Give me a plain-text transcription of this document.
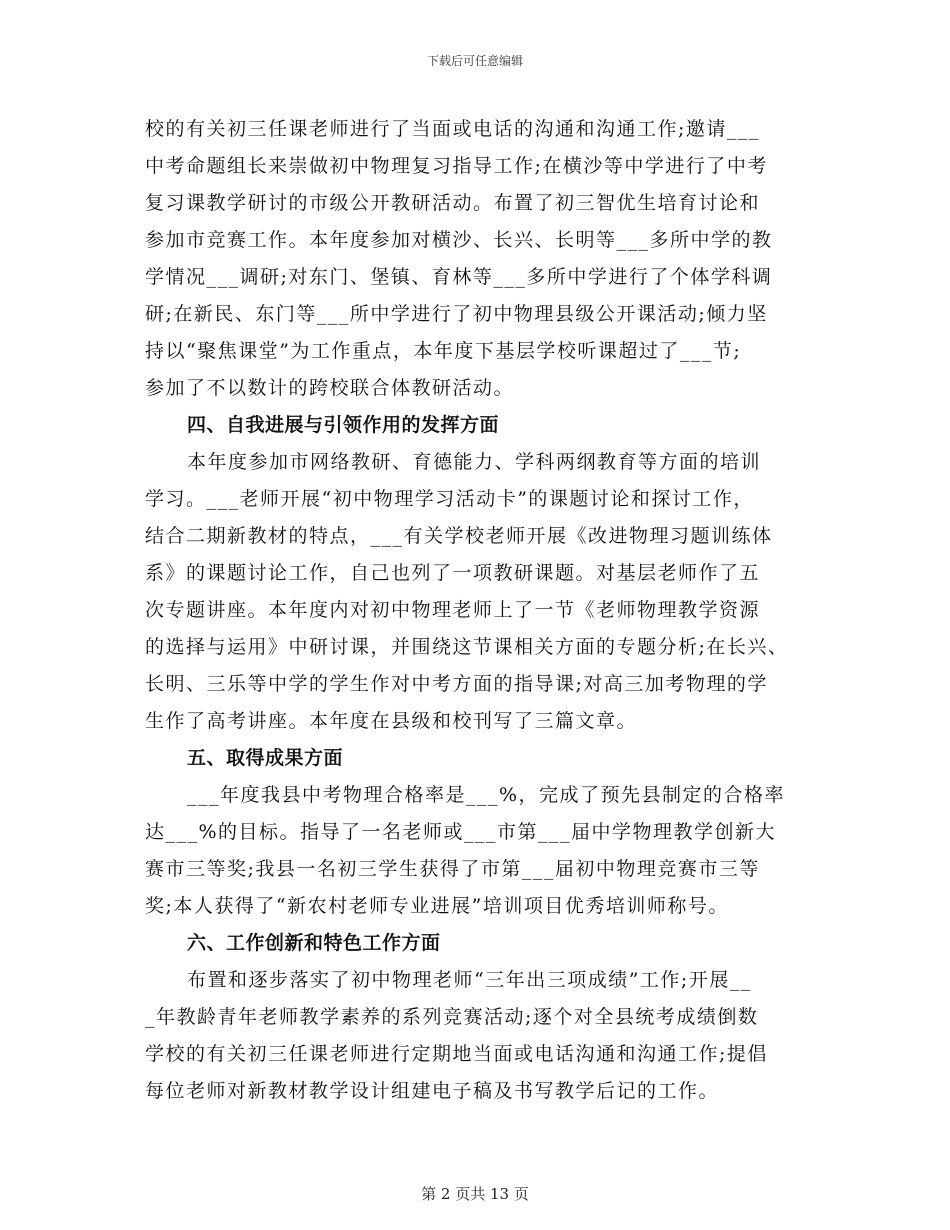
下载后可任意编辑
校的有关初三任课老师进行了当面或电话的沟通和沟通工作;邀请___
中考命题组长来崇做初中物理复习指导工作;在横沙等中学进行了中考
复习课教学研讨的市级公开教研活动。布置了初三智优生培育讨论和
参加市竞赛工作。本年度参加对横沙、长兴、长明等___多所中学的教
学情况___调研;对东门、堡镇、育林等___多所中学进行了个体学科调
研;在新民、东门等___所中学进行了初中物理县级公开课活动;倾力坚
持以“聚焦课堂”为工作重点，本年度下基层学校听课超过了___节;
参加了不以数计的跨校联合体教研活动。
四、自我进展与引领作用的发挥方面
本年度参加市网络教研、育德能力、学科两纲教育等方面的培训
学习。___老师开展“初中物理学习活动卡”的课题讨论和探讨工作，
结合二期新教材的特点，___有关学校老师开展《改进物理习题训练体
系》的课题讨论工作，自己也列了一项教研课题。对基层老师作了五
次专题讲座。本年度内对初中物理老师上了一节《老师物理教学资源
的选择与运用》中研讨课，并围绕这节课相关方面的专题分析;在长兴、
长明、三乐等中学的学生作对中考方面的指导课;对高三加考物理的学
生作了高考讲座。本年度在县级和校刊写了三篇文章。
五、取得成果方面
___年度我县中考物理合格率是___%，完成了预先县制定的合格率
达___%的目标。指导了一名老师或___市第___届中学物理教学创新大
赛市三等奖;我县一名初三学生获得了市第___届初中物理竞赛市三等
奖;本人获得了“新农村老师专业进展”培训项目优秀培训师称号。
六、工作创新和特色工作方面
布置和逐步落实了初中物理老师“三年出三项成绩”工作;开展__
_年教龄青年老师教学素养的系列竞赛活动;逐个对全县统考成绩倒数
学校的有关初三任课老师进行定期地当面或电话沟通和沟通工作;提倡
每位老师对新教材教学设计组建电子稿及书写教学后记的工作。
第 2 页共 13 页
